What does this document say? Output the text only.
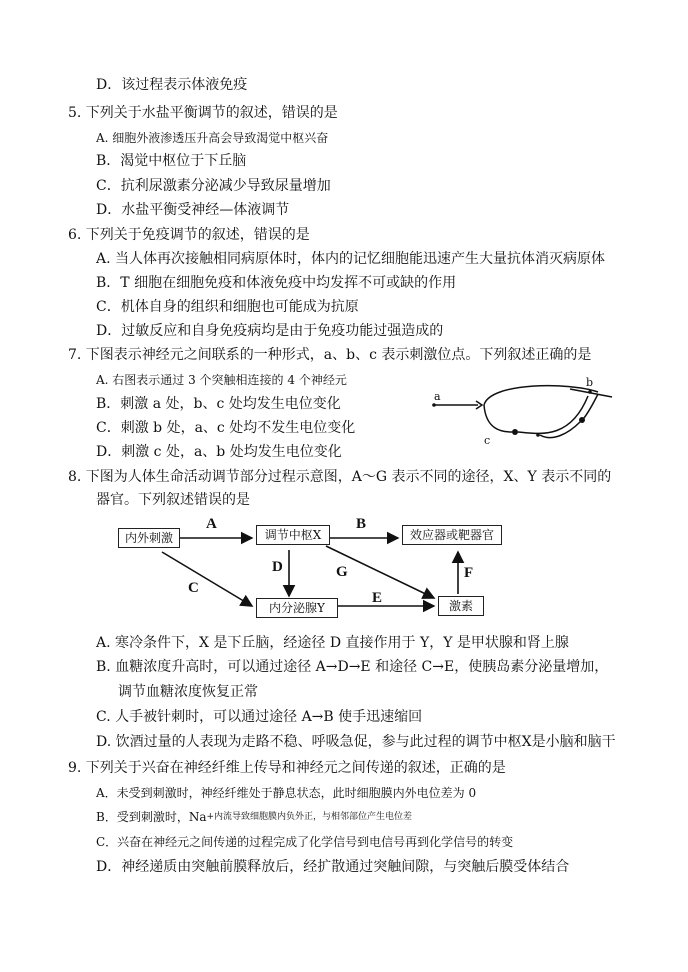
D．该过程表示体液免疫
5. 下列关于水盐平衡调节的叙述，错误的是
A. 细胞外液渗透压升高会导致渴觉中枢兴奋
B．渴觉中枢位于下丘脑
C．抗利尿激素分泌减少导致尿量增加
D．水盐平衡受神经—体液调节
6. 下列关于免疫调节的叙述，错误的是
A. 当人体再次接触相同病原体时，体内的记忆细胞能迅速产生大量抗体消灭病原体
B．T 细胞在细胞免疫和体液免疫中均发挥不可或缺的作用
C．机体自身的组织和细胞也可能成为抗原
D．过敏反应和自身免疫病均是由于免疫功能过强造成的
7. 下图表示神经元之间联系的一种形式，a、b、c 表示刺激位点。下列叙述正确的是
A. 右图表示通过 3 个突触相连接的 4 个神经元
B．刺激 a 处，b、c 处均发生电位变化
C．刺激 b 处，a、c 处均不发生电位变化
D．刺激 c 处，a、b 处均发生电位变化
a
b
c
8. 下图为人体生命活动调节部分过程示意图，A～G 表示不同的途径，X、Y 表示不同的
器官。下列叙述错误的是
内外刺激	调节中枢X	效应器或靶器官
内分泌腺Y	激素
A	B
C
D
E
F
G
A. 寒冷条件下，X 是下丘脑，经途径 D 直接作用于 Y，Y 是甲状腺和肾上腺
B. 血糖浓度升高时，可以通过途径 A→D→E 和途径 C→E，使胰岛素分泌量增加，
调节血糖浓度恢复正常
C. 人手被针刺时，可以通过途径 A→B 使手迅速缩回
D. 饮酒过量的人表现为走路不稳、呼吸急促，参与此过程的调节中枢X是小脑和脑干
9. 下列关于兴奋在神经纤维上传导和神经元之间传递的叙述，正确的是
A．未受到刺激时，神经纤维处于静息状态，此时细胞膜内外电位差为 0
B．受到刺激时，$Na^{+内流导致细胞膜内负外正,与相邻部位产生电位差}$
C．兴奋在神经元之间传递的过程完成了化学信号到电信号再到化学信号的转变
D．神经递质由突触前膜释放后，经扩散通过突触间隙，与突触后膜受体结合
